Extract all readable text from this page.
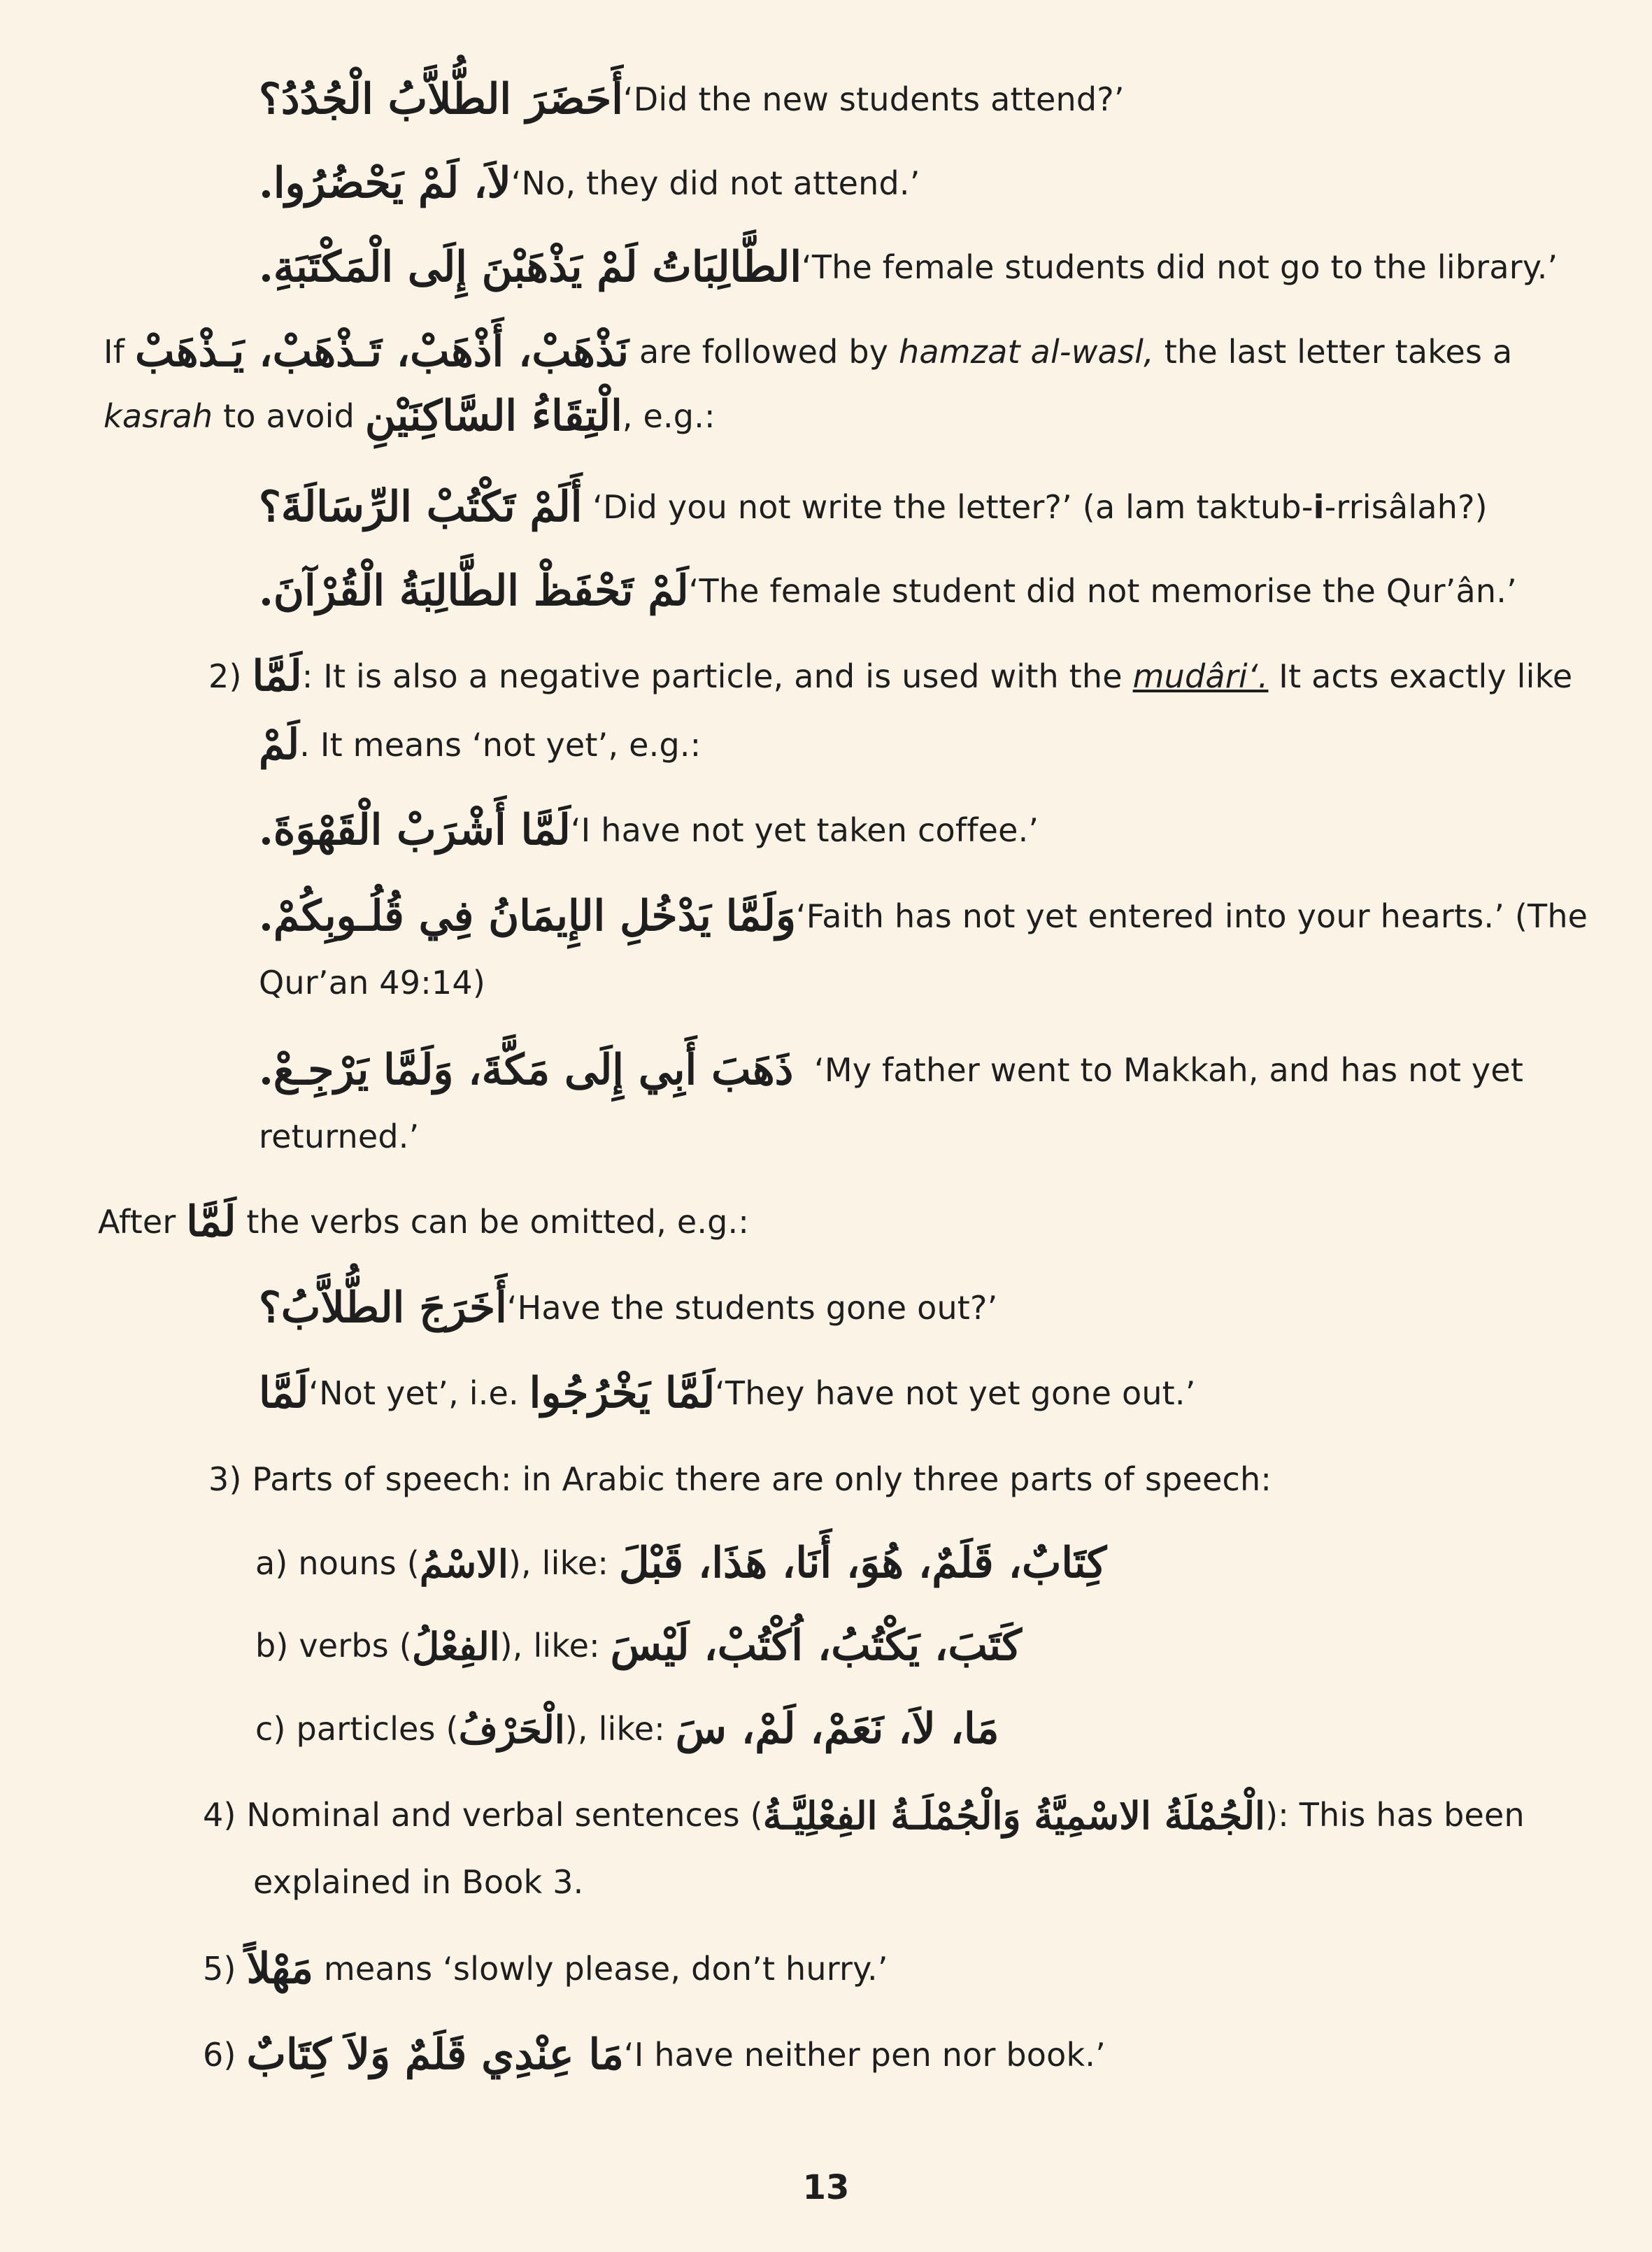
أَحَضَرَ الطُّلاَّبُ الْجُدُدُ؟‘Did the new students attend?’
لاَ، لَمْ يَحْضُرُوا.‘No, they did not attend.’
الطَّالِبَاتُ لَمْ يَذْهَبْنَ إِلَى الْمَكْتَبَةِ.‘The female students did not go to the library.’
If نَذْهَبْ، أَذْهَبْ، تَـذْهَبْ، يَـذْهَبْ are followed by hamzat al-wasl, the last letter takes a
kasrah to avoid الْتِقَاءُ السَّاكِنَيْنِ, e.g.:
أَلَمْ تَكْتُبْ الرِّسَالَةَ؟ ‘Did you not write the letter?’ (a lam taktub-i-rrisâlah?)
لَمْ تَحْفَظْ الطَّالِبَةُ الْقُرْآنَ.‘The female student did not memorise the Qur’ân.’
2) لَمَّا: It is also a negative particle, and is used with the mudâri‘. It acts exactly like
لَمْ. It means ‘not yet’, e.g.:
لَمَّا أَشْرَبْ الْقَهْوَةَ.‘I have not yet taken coffee.’
وَلَمَّا يَدْخُلِ الإِيمَانُ فِي قُلُـوبِكُمْ.‘Faith has not yet entered into your hearts.’ (The
Qur’an 49:14)
ذَهَبَ أَبِي إِلَى مَكَّةَ، وَلَمَّا يَرْجِـعْ. ‘My father went to Makkah, and has not yet
returned.’
After لَمَّا the verbs can be omitted, e.g.:
أَخَرَجَ الطُّلاَّبُ؟‘Have the students gone out?’
لَمَّا‘Not yet’, i.e. لَمَّا يَخْرُجُوا‘They have not yet gone out.’
3) Parts of speech: in Arabic there are only three parts of speech:
a) nouns (الاسْمُ), like: كِتَابٌ، قَلَمٌ، هُوَ، أَنَا، هَذَا، قَبْلَ
b) verbs (الفِعْلُ), like: كَتَبَ، يَكْتُبُ، اُكْتُبْ، لَيْسَ
c) particles (الْحَرْفُ), like: مَا، لاَ، نَعَمْ، لَمْ، سَ
4) Nominal and verbal sentences (الْجُمْلَةُ الاسْمِيَّةُ وَالْجُمْلَـةُ الفِعْلِيَّـةُ): This has been
explained in Book 3.
5) مَهْلاً means ‘slowly please, don’t hurry.’
6) مَا عِنْدِي قَلَمٌ وَلاَ كِتَابٌ‘I have neither pen nor book.’
13
